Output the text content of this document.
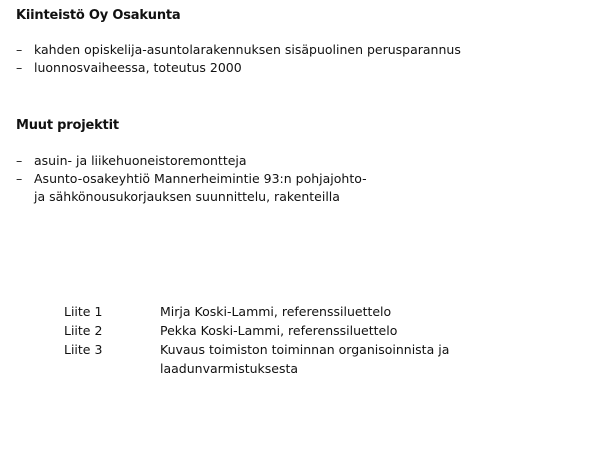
Kiinteistö Oy Osakunta
– kahden opiskelija-asuntolarakennuksen sisäpuolinen perusparannus
– luonnosvaiheessa, toteutus 2000
Muut projektit
– asuin- ja liikehuoneistoremontteja
– Asunto-osakeyhtiö Mannerheimintie 93:n pohjajohto-
ja sähkönousukorjauksen suunnittelu, rakenteilla
Liite 1	Mirja Koski-Lammi, referenssiluettelo
Liite 2	Pekka Koski-Lammi, referenssiluettelo
Liite 3	Kuvaus toimiston toiminnan organisoinnista ja
laadunvarmistuksesta
